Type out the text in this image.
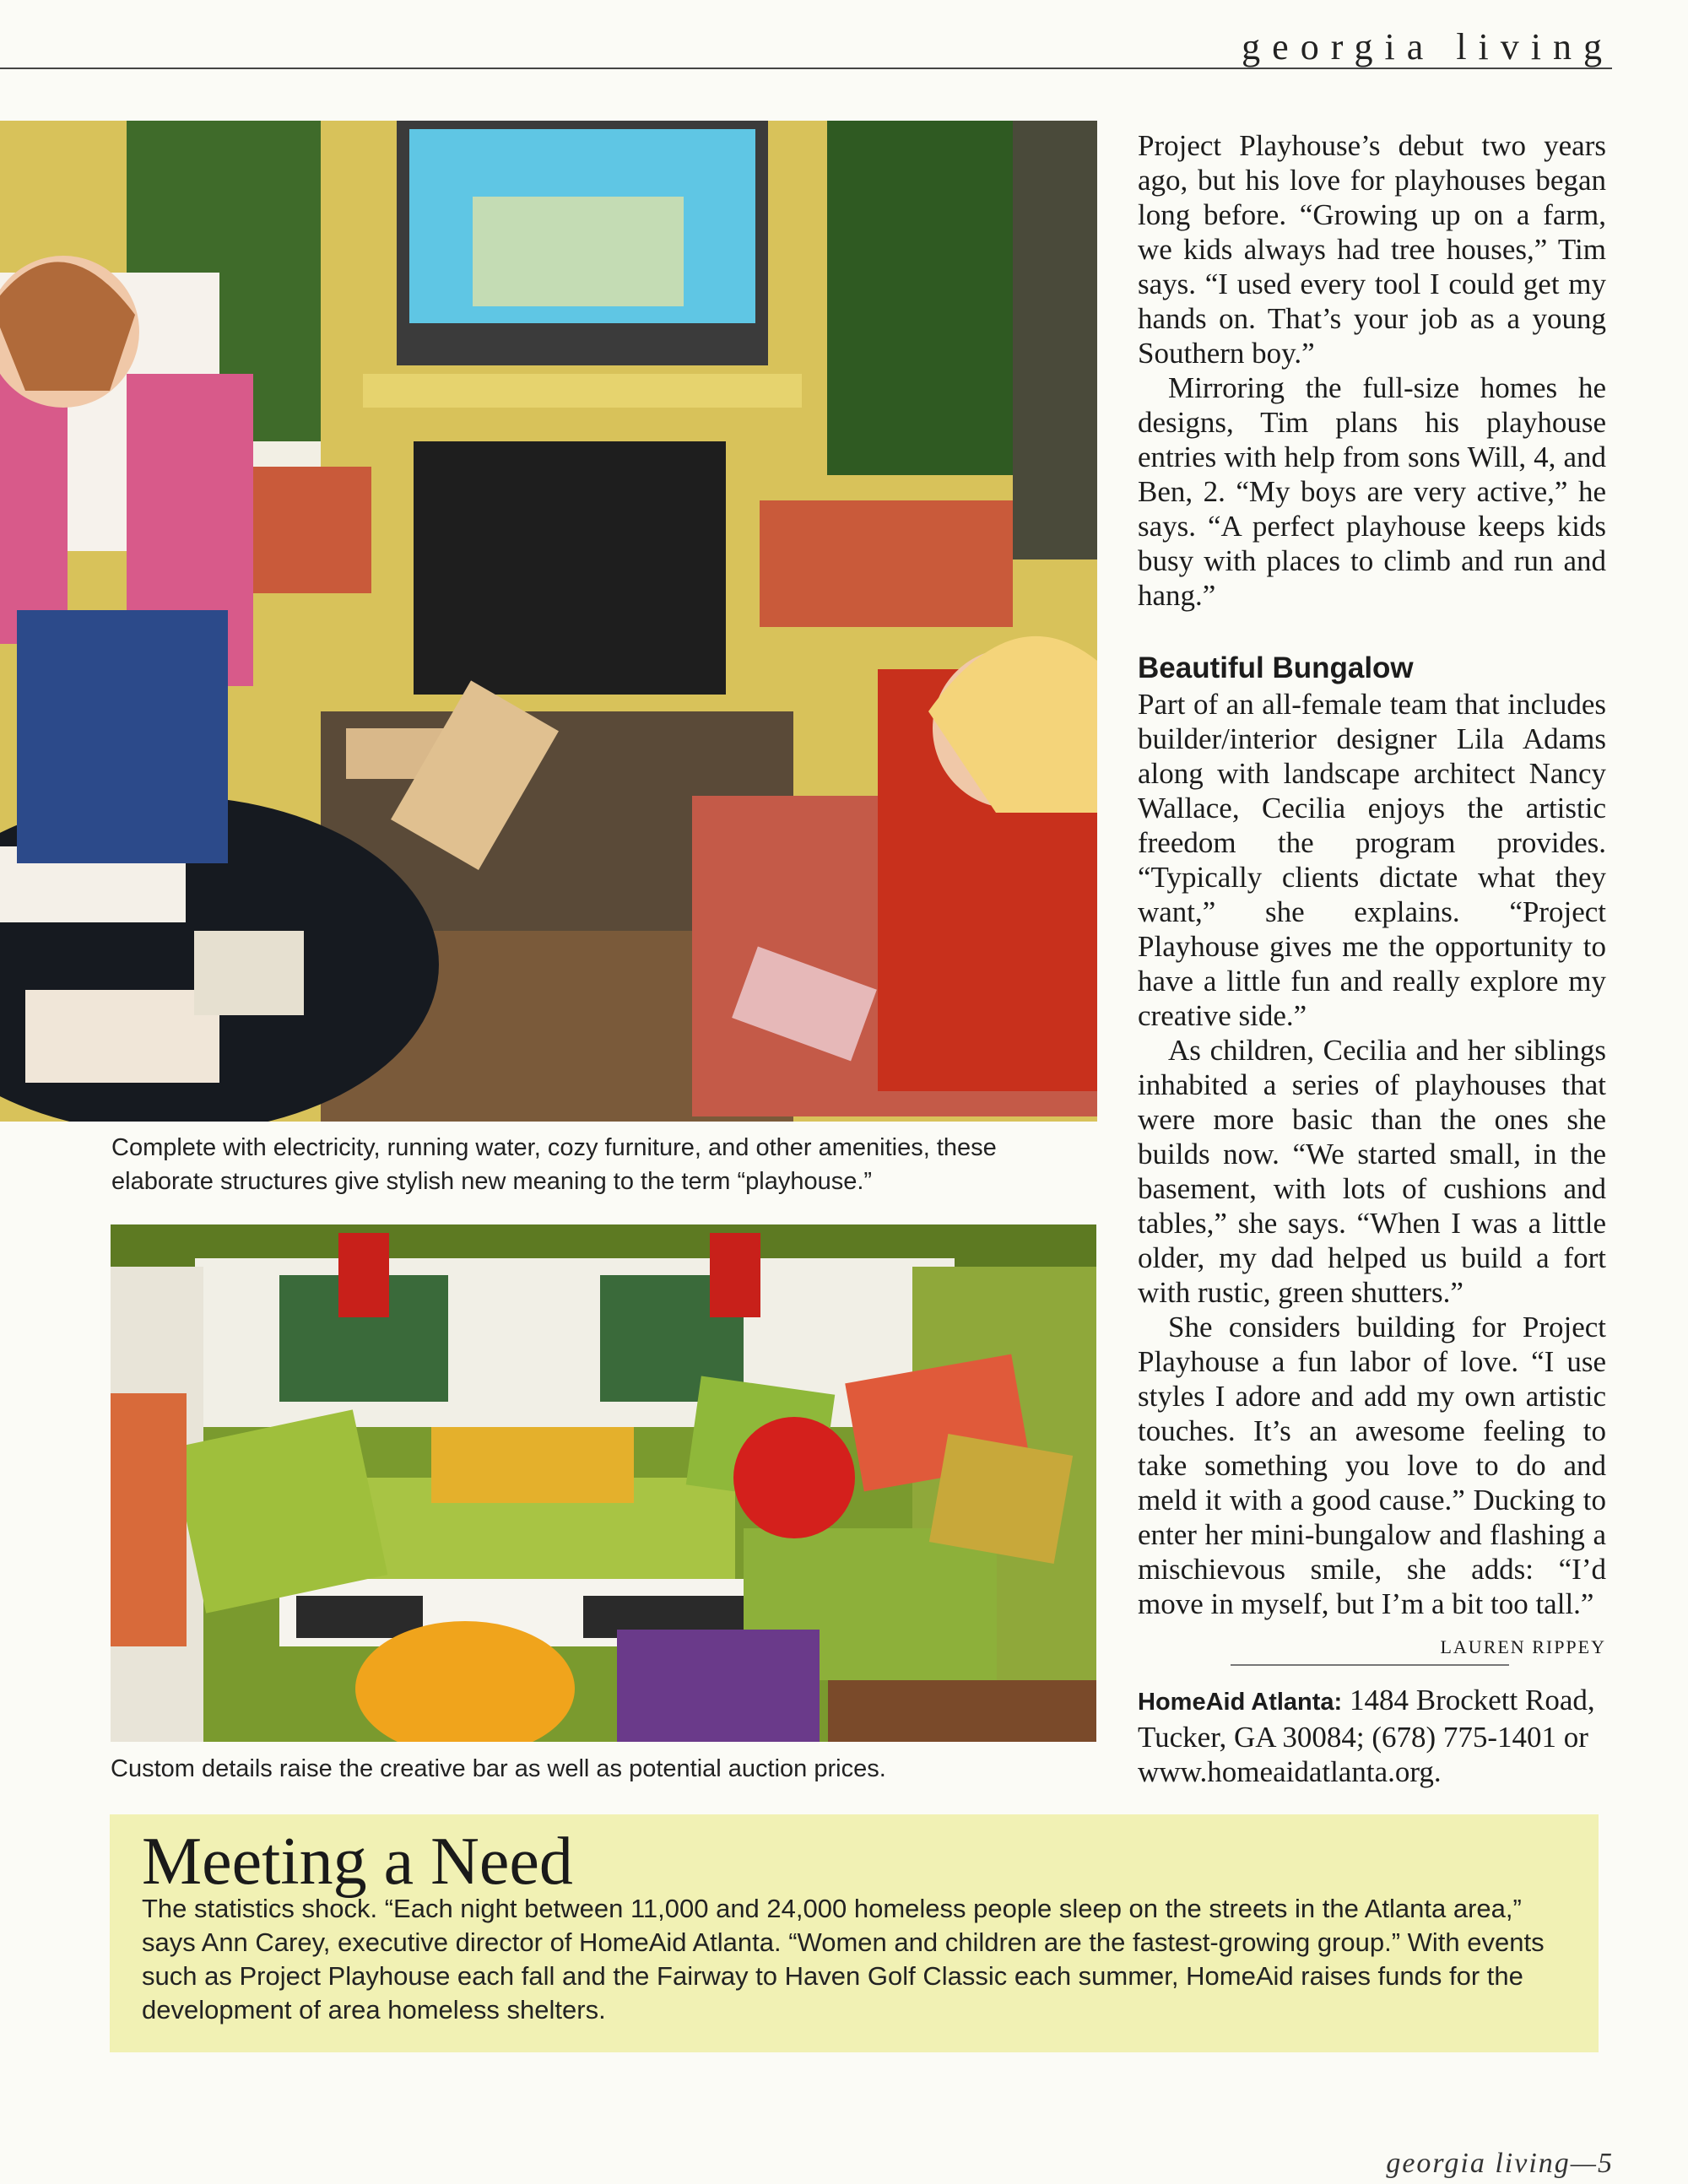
georgia living
Complete with electricity, running water, cozy furniture, and other amenities, these elaborate structures give stylish new meaning to the term “playhouse.”
Custom details raise the creative bar as well as potential auction prices.

Project Playhouse’s debut two years ago, but his love for playhouses began long before. “Growing up on a farm, we kids always had tree houses,” Tim says. “I used every tool I could get my hands on. That’s your job as a young Southern boy.”

Mirroring the full-size homes he designs, Tim plans his playhouse entries with help from sons Will, 4, and Ben, 2. “My boys are very active,” he says. “A perfect playhouse keeps kids busy with places to climb and run and hang.”

Beautiful Bungalow

Part of an all-female team that includes builder/interior designer Lila Adams along with landscape architect Nancy Wallace, Cecilia enjoys the artistic freedom the program provides. “Typically clients dictate what they want,” she explains. “Project Playhouse gives me the opportunity to have a little fun and really explore my creative side.”

As children, Cecilia and her siblings inhabited a series of playhouses that were more basic than the ones she builds now. “We started small, in the basement, with lots of cushions and tables,” she says. “When I was a little older, my dad helped us build a fort with rustic, green shutters.”

She considers building for Project Playhouse a fun labor of love. “I use styles I adore and add my own artistic touches. It’s an awesome feeling to take something you love to do and meld it with a good cause.” Ducking to enter her mini-bungalow and flashing a mischievous smile, she adds: “I’d move in myself, but I’m a bit too tall.”
LAUREN RIPPEY

HomeAid Atlanta: 1484 Brockett Road, Tucker, GA 30084; (678) 775-1401 or www.homeaidatlanta.org.

Meeting a Need
The statistics shock. “Each night between 11,000 and 24,000 homeless people sleep on the streets in the Atlanta area,” says Ann Carey, executive director of HomeAid Atlanta. “Women and children are the fastest-growing group.” With events such as Project Playhouse each fall and the Fairway to Haven Golf Classic each summer, HomeAid raises funds for the development of area homeless shelters.
georgia living—5
